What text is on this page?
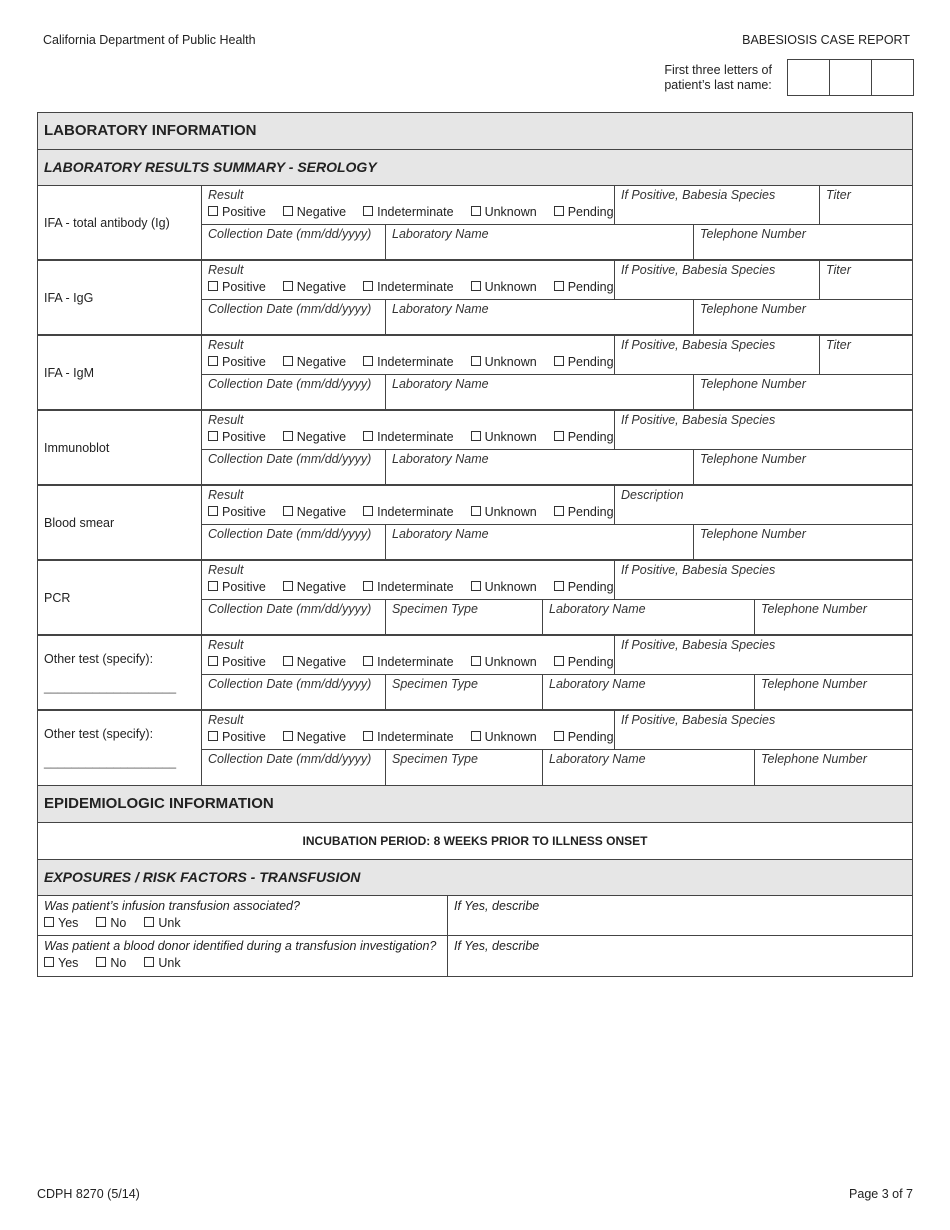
California Department of Public Health	BABESIOSIS CASE REPORT
First three letters of
patient’s last name:
LABORATORY INFORMATION
LABORATORY RESULTS SUMMARY - SEROLOGY
IFA - total antibody (Ig)
Result
Positive	Negative	Indeterminate	Unknown	Pending
If Positive, Babesia Species	Titer
Collection Date (mm/dd/yyyy)	Laboratory Name	Telephone Number
IFA - IgG
Result
Positive	Negative	Indeterminate	Unknown	Pending
If Positive, Babesia Species	Titer
Collection Date (mm/dd/yyyy)	Laboratory Name	Telephone Number
IFA - IgM
Result
Positive	Negative	Indeterminate	Unknown	Pending
If Positive, Babesia Species	Titer
Collection Date (mm/dd/yyyy)	Laboratory Name	Telephone Number
Immunoblot
Result
Positive	Negative	Indeterminate	Unknown	Pending
If Positive, Babesia Species
Collection Date (mm/dd/yyyy)	Laboratory Name	Telephone Number
Blood smear
Result
Positive	Negative	Indeterminate	Unknown	Pending
Description
Collection Date (mm/dd/yyyy)	Laboratory Name	Telephone Number
PCR
Result
Positive	Negative	Indeterminate	Unknown	Pending
If Positive, Babesia Species
Collection Date (mm/dd/yyyy)	Specimen Type	Laboratory Name	Telephone Number
Other test (specify):
___________________
Result
Positive	Negative	Indeterminate	Unknown	Pending
If Positive, Babesia Species
Collection Date (mm/dd/yyyy)	Specimen Type	Laboratory Name	Telephone Number
Other test (specify):
___________________
Result
Positive	Negative	Indeterminate	Unknown	Pending
If Positive, Babesia Species
Collection Date (mm/dd/yyyy)	Specimen Type	Laboratory Name	Telephone Number
EPIDEMIOLOGIC INFORMATION
INCUBATION PERIOD: 8 WEEKS PRIOR TO ILLNESS ONSET
EXPOSURES / RISK FACTORS - TRANSFUSION
Was patient’s infusion transfusion associated?
Yes	No	Unk
If Yes, describe
Was patient a blood donor identified during a transfusion investigation?
Yes	No	Unk
If Yes, describe
CDPH 8270 (5/14)	Page 3 of 7
